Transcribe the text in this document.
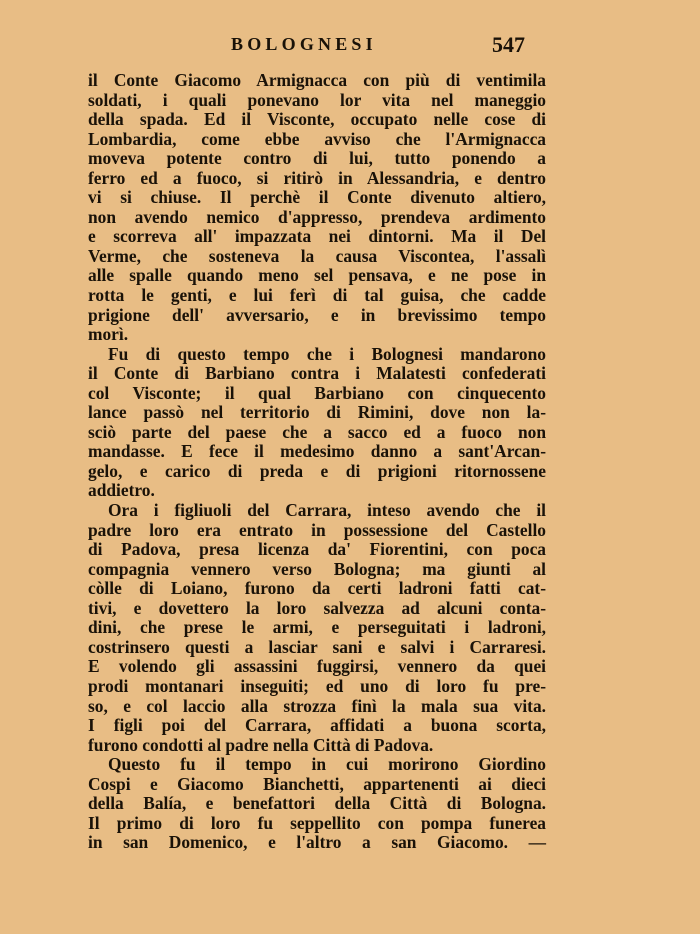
BOLOGNESI	547
il Conte Giacomo Armignacca con più di ventimila
soldati, i quali ponevano lor vita nel maneggio
della spada. Ed il Visconte, occupato nelle cose di
Lombardia, come ebbe avviso che l'Armignacca
moveva potente contro di lui, tutto ponendo a
ferro ed a fuoco, si ritirò in Alessandria, e dentro
vi si chiuse. Il perchè il Conte divenuto altiero,
non avendo nemico d'appresso, prendeva ardimento
e scorreva all' impazzata nei dintorni. Ma il Del
Verme, che sosteneva la causa Viscontea, l'assalì
alle spalle quando meno sel pensava, e ne pose in
rotta le genti, e lui ferì di tal guisa, che cadde
prigione dell' avversario, e in brevissimo tempo
morì.
Fu di questo tempo che i Bolognesi mandarono
il Conte di Barbiano contra i Malatesti confederati
col Visconte; il qual Barbiano con cinquecento
lance passò nel territorio di Rimini, dove non la-
sciò parte del paese che a sacco ed a fuoco non
mandasse. E fece il medesimo danno a sant'Arcan-
gelo, e carico di preda e di prigioni ritornossene
addietro.
Ora i figliuoli del Carrara, inteso avendo che il
padre loro era entrato in possessione del Castello
di Padova, presa licenza da' Fiorentini, con poca
compagnia vennero verso Bologna; ma giunti al
còlle di Loiano, furono da certi ladroni fatti cat-
tivi, e dovettero la loro salvezza ad alcuni conta-
dini, che prese le armi, e perseguitati i ladroni,
costrinsero questi a lasciar sani e salvi i Carraresi.
E volendo gli assassini fuggirsi, vennero da quei
prodi montanari inseguiti; ed uno di loro fu pre-
so, e col laccio alla strozza finì la mala sua vita.
I figli poi del Carrara, affidati a buona scorta,
furono condotti al padre nella Città di Padova.
Questo fu il tempo in cui morirono Giordino
Cospi e Giacomo Bianchetti, appartenenti ai dieci
della Balía, e benefattori della Città di Bologna.
Il primo di loro fu seppellito con pompa funerea
in san Domenico, e l'altro a san Giacomo. —
